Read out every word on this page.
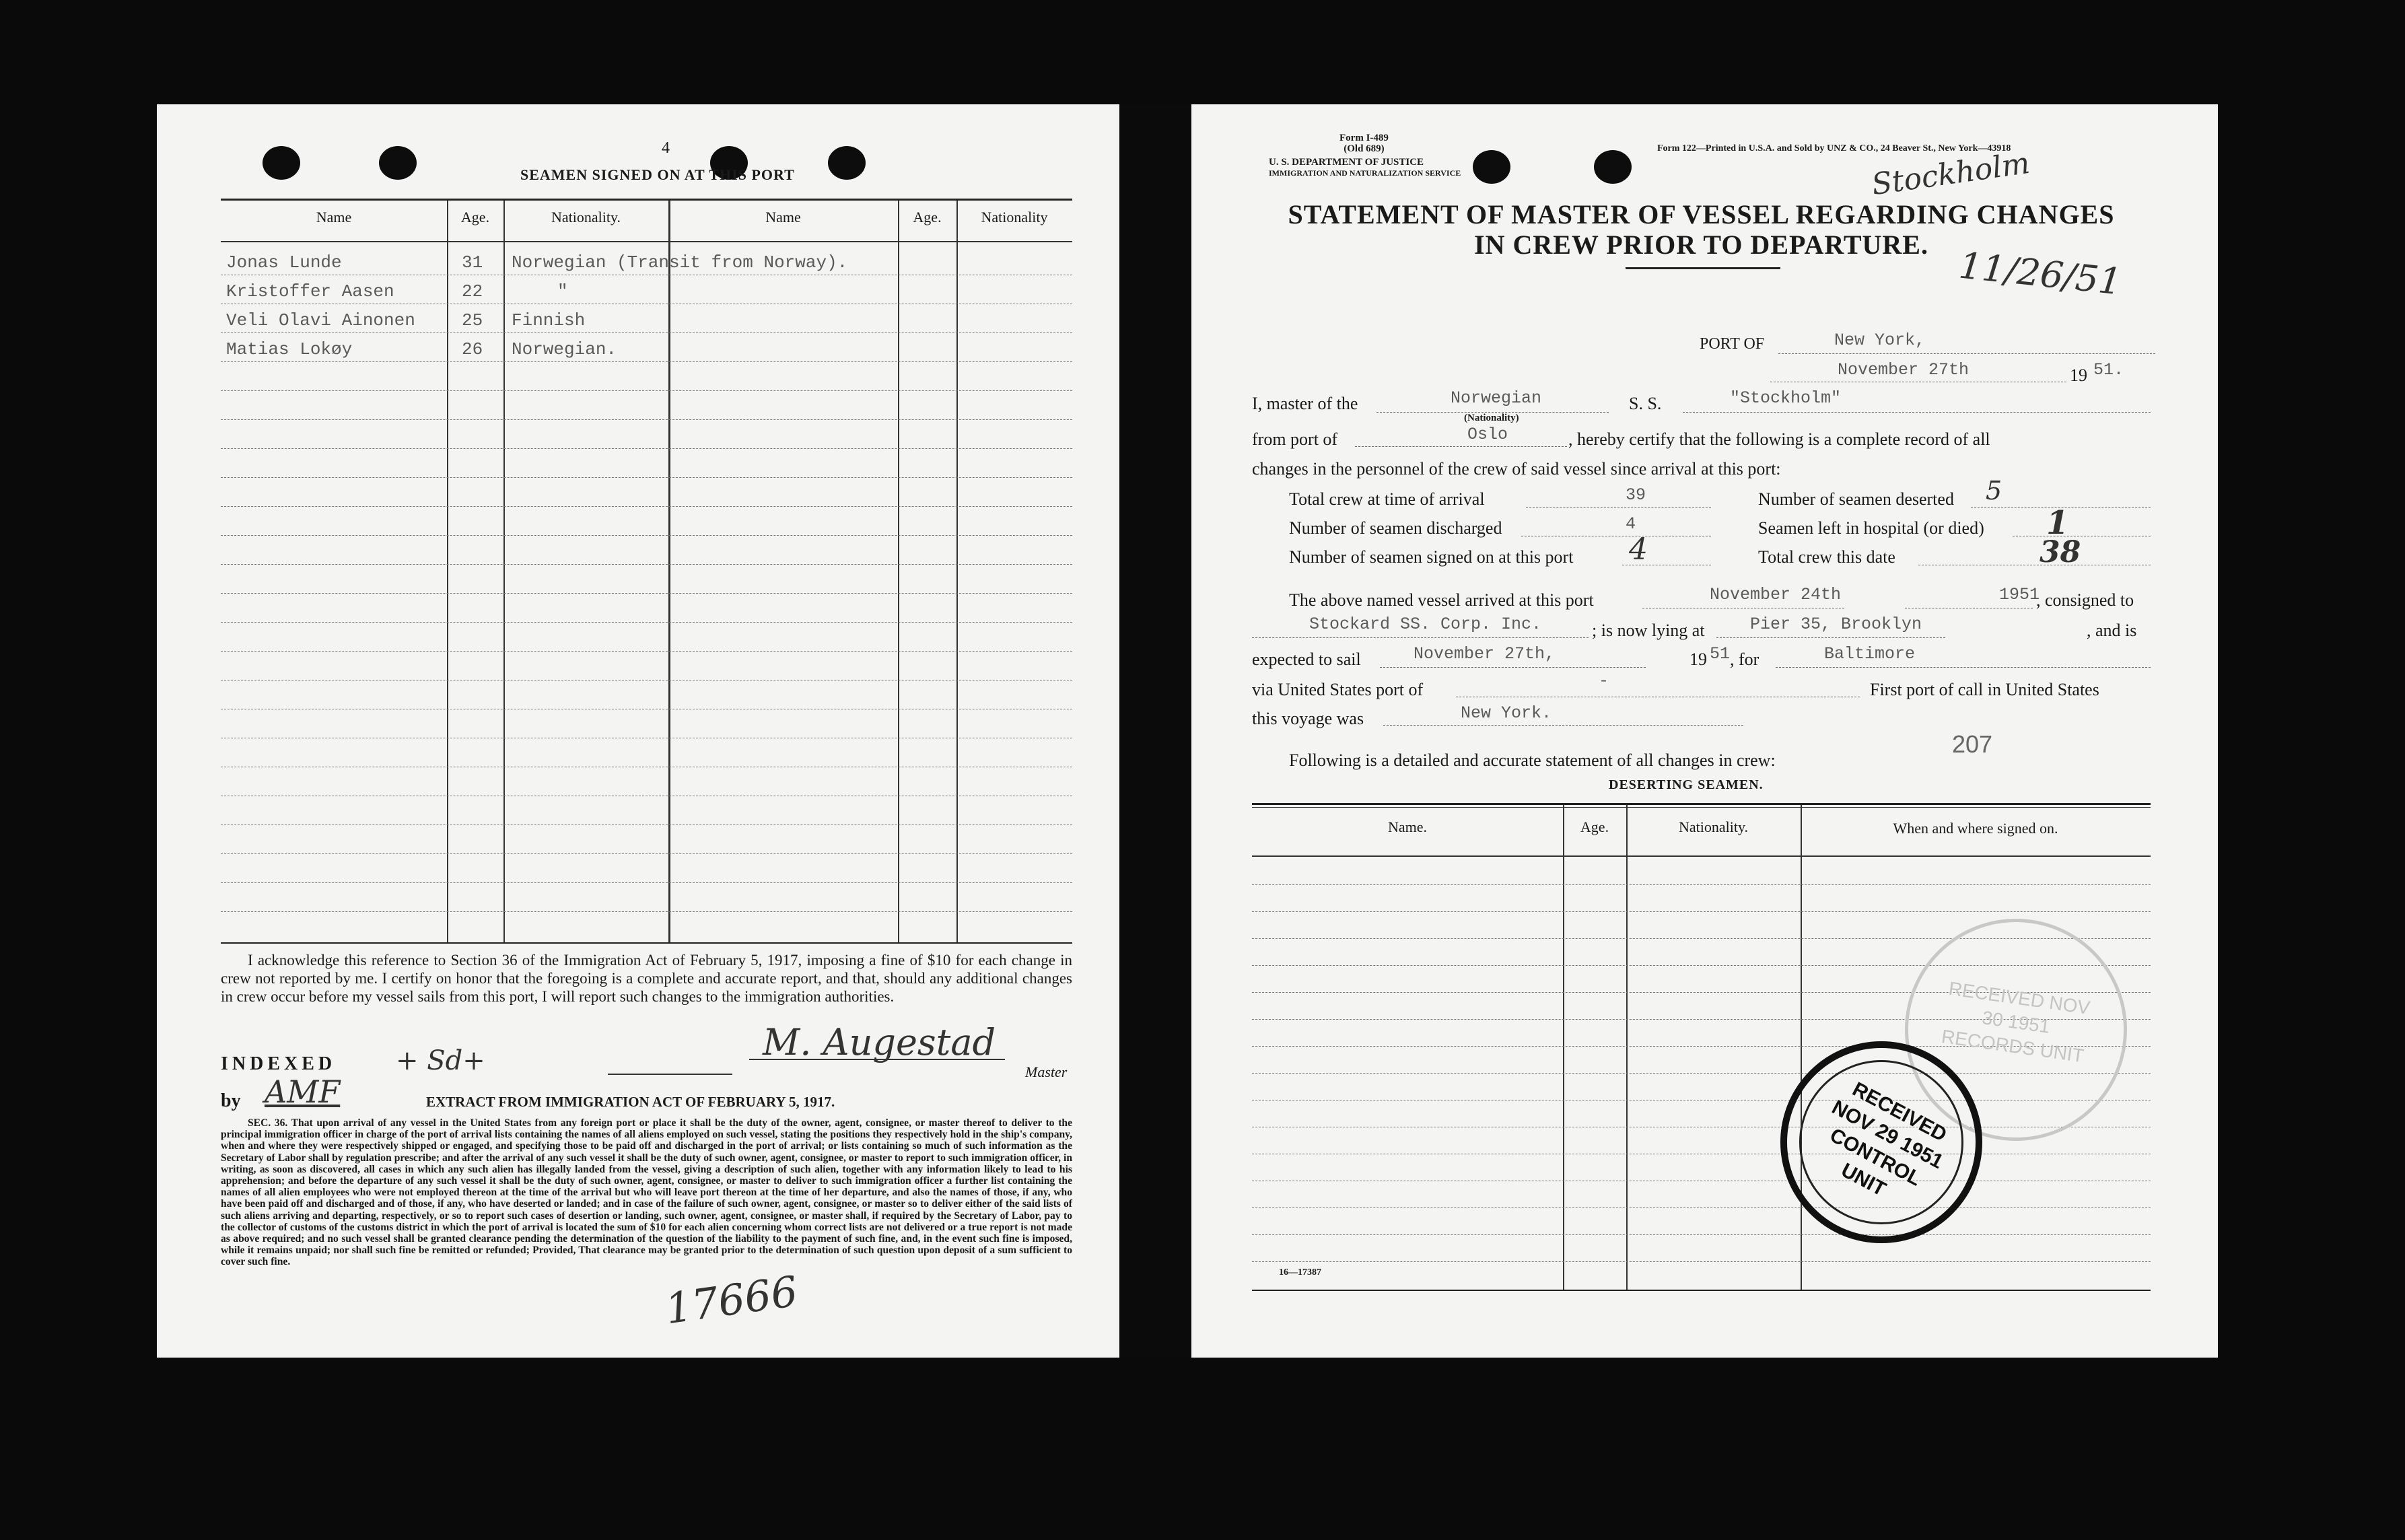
4
SEAMEN SIGNED ON AT THIS PORT
Name	Age.	Nationality.	Name	Age.	Nationality
Jonas Lunde	31 Norwegian (Transit from Norway).
Kristoffer Aasen	22	"
Veli Olavi Ainonen	25 Finnish
Matias Lokøy	26 Norwegian.
I acknowledge this reference to Section 36 of the Immigration Act of February 5, 1917, imposing a fine of $10 for each change in crew not reported by me. I certify on honor that the foregoing is a complete and accurate report, and that, should any additional changes in crew occur before my vessel sails from this port, I will report such changes to the immigration authorities.
INDEXED + Sd+
by AMF
M. Augestad
Master
EXTRACT FROM IMMIGRATION ACT OF FEBRUARY 5, 1917.
SEC. 36. That upon arrival of any vessel in the United States from any foreign port or place it shall be the duty of the owner, agent, consignee, or master thereof to deliver to the principal immigration officer in charge of the port of arrival lists containing the names of all aliens employed on such vessel, stating the positions they respectively hold in the ship's company, when and where they were respectively shipped or engaged, and specifying those to be paid off and discharged in the port of arrival; or lists containing so much of such information as the Secretary of Labor shall by regulation prescribe; and after the arrival of any such vessel it shall be the duty of such owner, agent, consignee, or master to report to such immigration officer, in writing, as soon as discovered, all cases in which any such alien has illegally landed from the vessel, giving a description of such alien, together with any information likely to lead to his apprehension; and before the departure of any such vessel it shall be the duty of such owner, agent, consignee, or master to deliver to such immigration officer a further list containing the names of all alien employees who were not employed thereon at the time of the arrival but who will leave port thereon at the time of her departure, and also the names of those, if any, who have been paid off and discharged and of those, if any, who have deserted or landed; and in case of the failure of such owner, agent, consignee, or master so to deliver either of the said lists of such aliens arriving and departing, respectively, or so to report such cases of desertion or landing, such owner, agent, consignee, or master shall, if required by the Secretary of Labor, pay to the collector of customs of the customs district in which the port of arrival is located the sum of $10 for each alien concerning whom correct lists are not delivered or a true report is not made as above required; and no such vessel shall be granted clearance pending the determination of the question of the liability to the payment of such fine, and, in the event such fine is imposed, while it remains unpaid; nor shall such fine be remitted or refunded; Provided, That clearance may be granted prior to the determination of such question upon deposit of a sum sufficient to cover such fine.
17666
Form I-489
(Old 689)
U. S. DEPARTMENT OF JUSTICE
IMMIGRATION AND NATURALIZATION SERVICE
Form 122—Printed in U.S.A. and Sold by UNZ & CO., 24 Beaver St., New York—43918
Stockholm
STATEMENT OF MASTER OF VESSEL REGARDING CHANGES
IN CREW PRIOR TO DEPARTURE. 11/26/51
PORT OF	New York,
November 27th	19 51.
I, master of the	Norwegian
(Nationality)
S. S.	"Stockholm"
from port of	Oslo	, hereby certify that the following is a complete record of all
changes in the personnel of the crew of said vessel since arrival at this port:
Total crew at time of arrival	39	Number of seamen deserted 5
Number of seamen discharged	4	Seamen left in hospital (or died) 1
Number of seamen signed on at this port 4	Total crew this date	38
The above named vessel arrived at this port	November 24th	1951
, consigned to
Stockard SS. Corp. Inc.	; is now lying at	Pier 35, Brooklyn	, and is
expected to sail	November 27th,	19 51 , for	Baltimore
via United States port of	-	First port of call in United States
this voyage was	New York.
Following is a detailed and accurate statement of all changes in crew:
207
DESERTING SEAMEN.
Name.	Age.	Nationality.	When and where signed on.
RECEIVED NOV 30 1951 RECORDS UNIT
RECEIVED NOV 29 1951 CONTROL UNIT
16—17387
